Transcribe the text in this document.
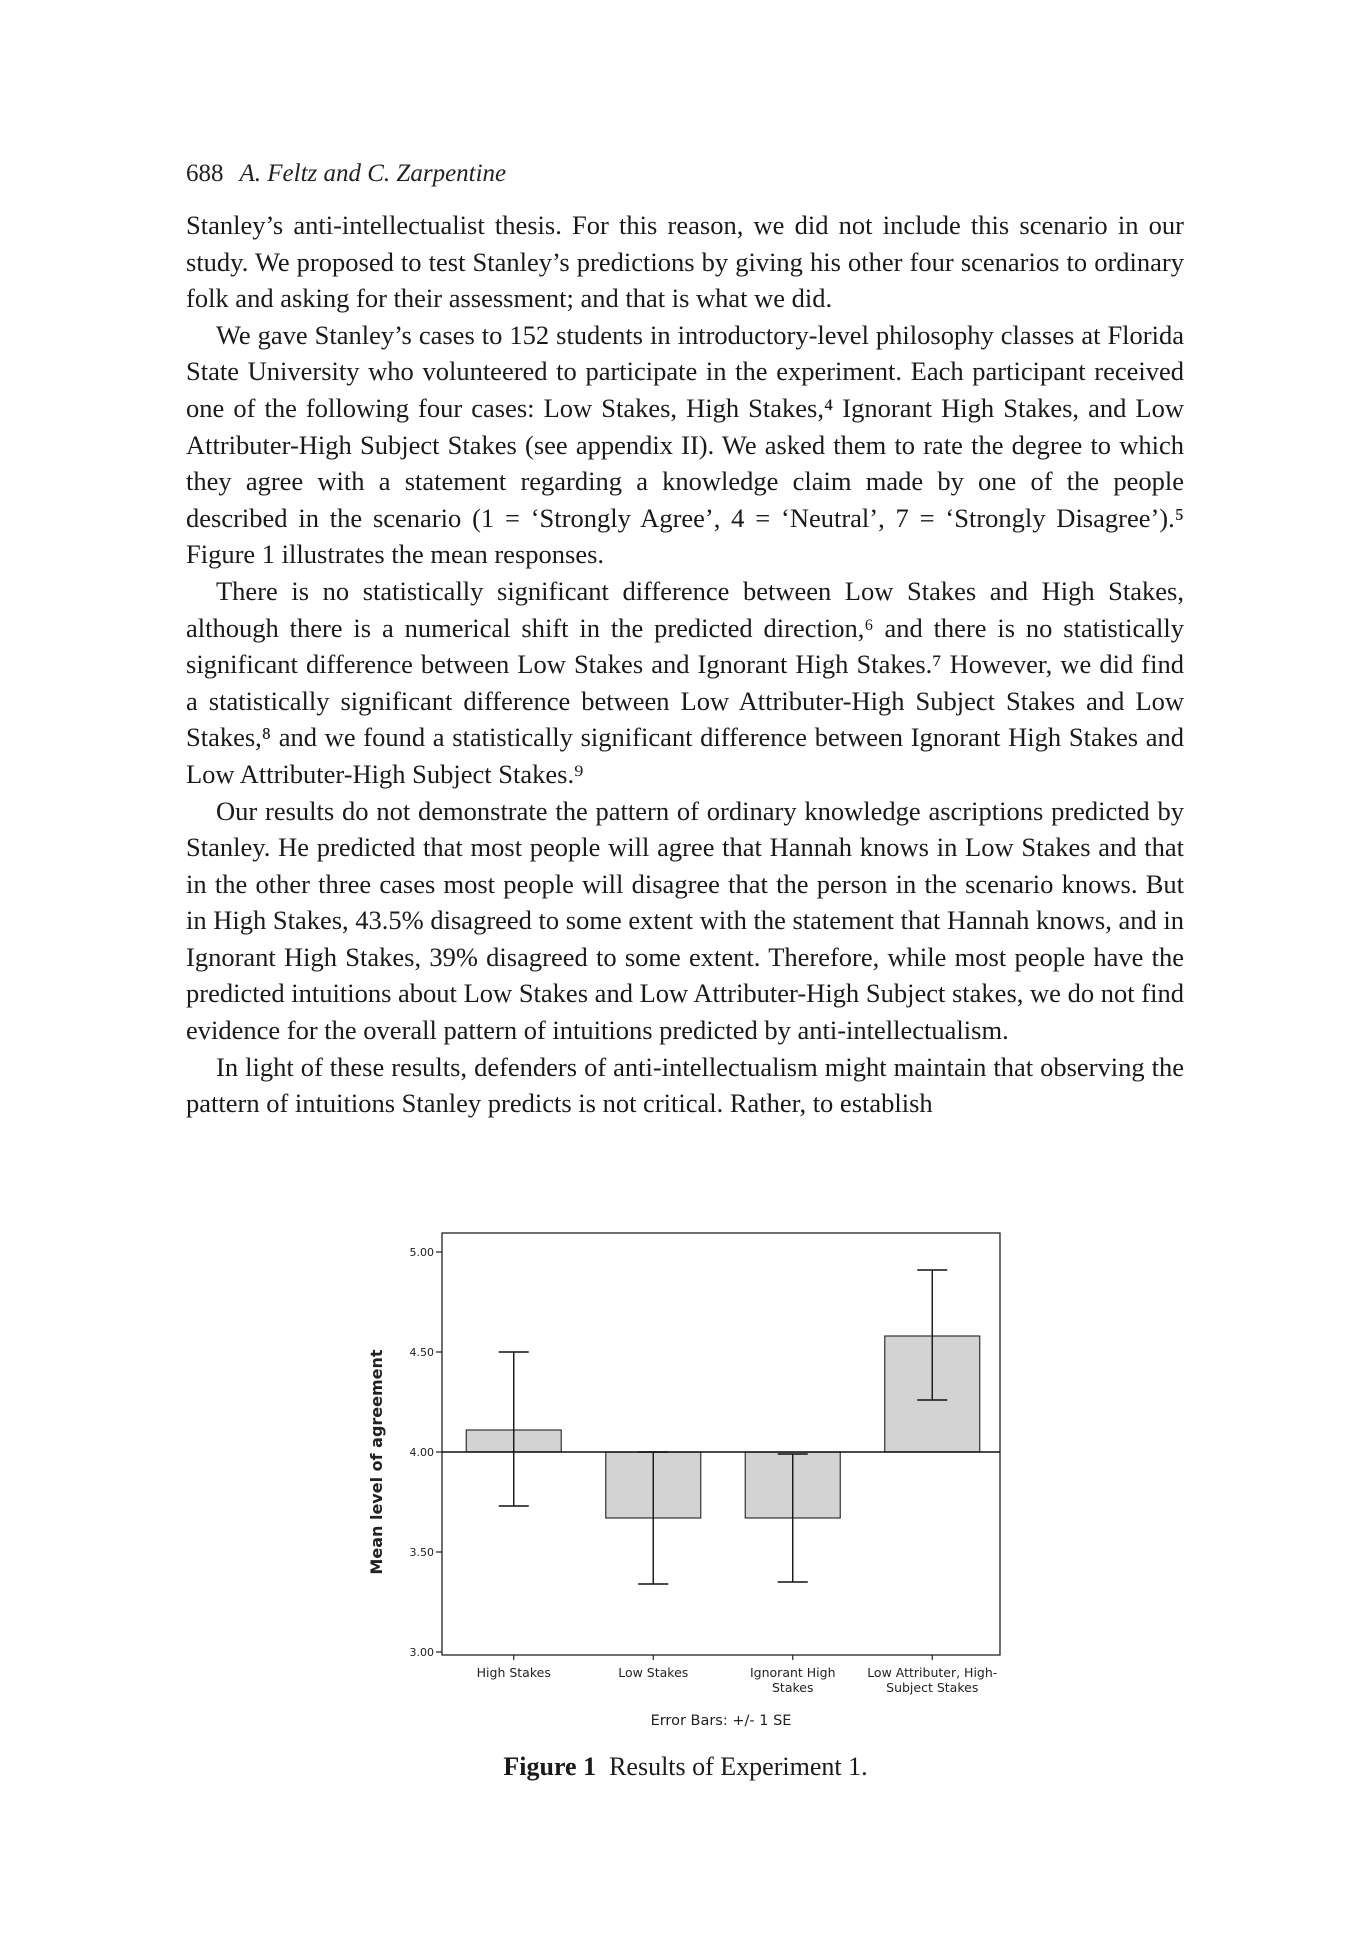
688 A. Feltz and C. Zarpentine

Stanley’s anti-intellectualist thesis. For this reason, we did not include this scenario in our study. We proposed to test Stanley’s predictions by giving his other four scenarios to ordinary folk and asking for their assessment; and that is what we did.

We gave Stanley’s cases to 152 students in introductory-level philosophy classes at Florida State University who volunteered to participate in the experiment. Each participant received one of the following four cases: Low Stakes, High Stakes,⁴ Ignorant High Stakes, and Low Attributer-High Subject Stakes (see appendix II). We asked them to rate the degree to which they agree with a statement regarding a knowledge claim made by one of the people described in the scenario (1 = ‘Strongly Agree’, 4 = ‘Neutral’, 7 = ‘Strongly Disagree’).⁵ Figure 1 illustrates the mean responses.

There is no statistically significant difference between Low Stakes and High Stakes, although there is a numerical shift in the predicted direction,⁶ and there is no statistically significant difference between Low Stakes and Ignorant High Stakes.⁷ However, we did find a statistically significant difference between Low Attributer-High Subject Stakes and Low Stakes,⁸ and we found a statistically significant difference between Ignorant High Stakes and Low Attributer-High Subject Stakes.⁹

Our results do not demonstrate the pattern of ordinary knowledge ascriptions predicted by Stanley. He predicted that most people will agree that Hannah knows in Low Stakes and that in the other three cases most people will disagree that the person in the scenario knows. But in High Stakes, 43.5% disagreed to some extent with the statement that Hannah knows, and in Ignorant High Stakes, 39% disagreed to some extent. Therefore, while most people have the predicted intuitions about Low Stakes and Low Attributer-High Subject stakes, we do not find evidence for the overall pattern of intuitions predicted by anti-intellectualism.

In light of these results, defenders of anti-intellectualism might maintain that observing the pattern of intuitions Stanley predicts is not critical. Rather, to establish

3.00
3.50
4.00
4.50
5.00
Mean level of agreement
High Stakes	Low Stakes	Ignorant High
Stakes
Low Attributer, High-
Subject Stakes
Error Bars: +/- 1 SE
Figure 1 Results of Experiment 1.
